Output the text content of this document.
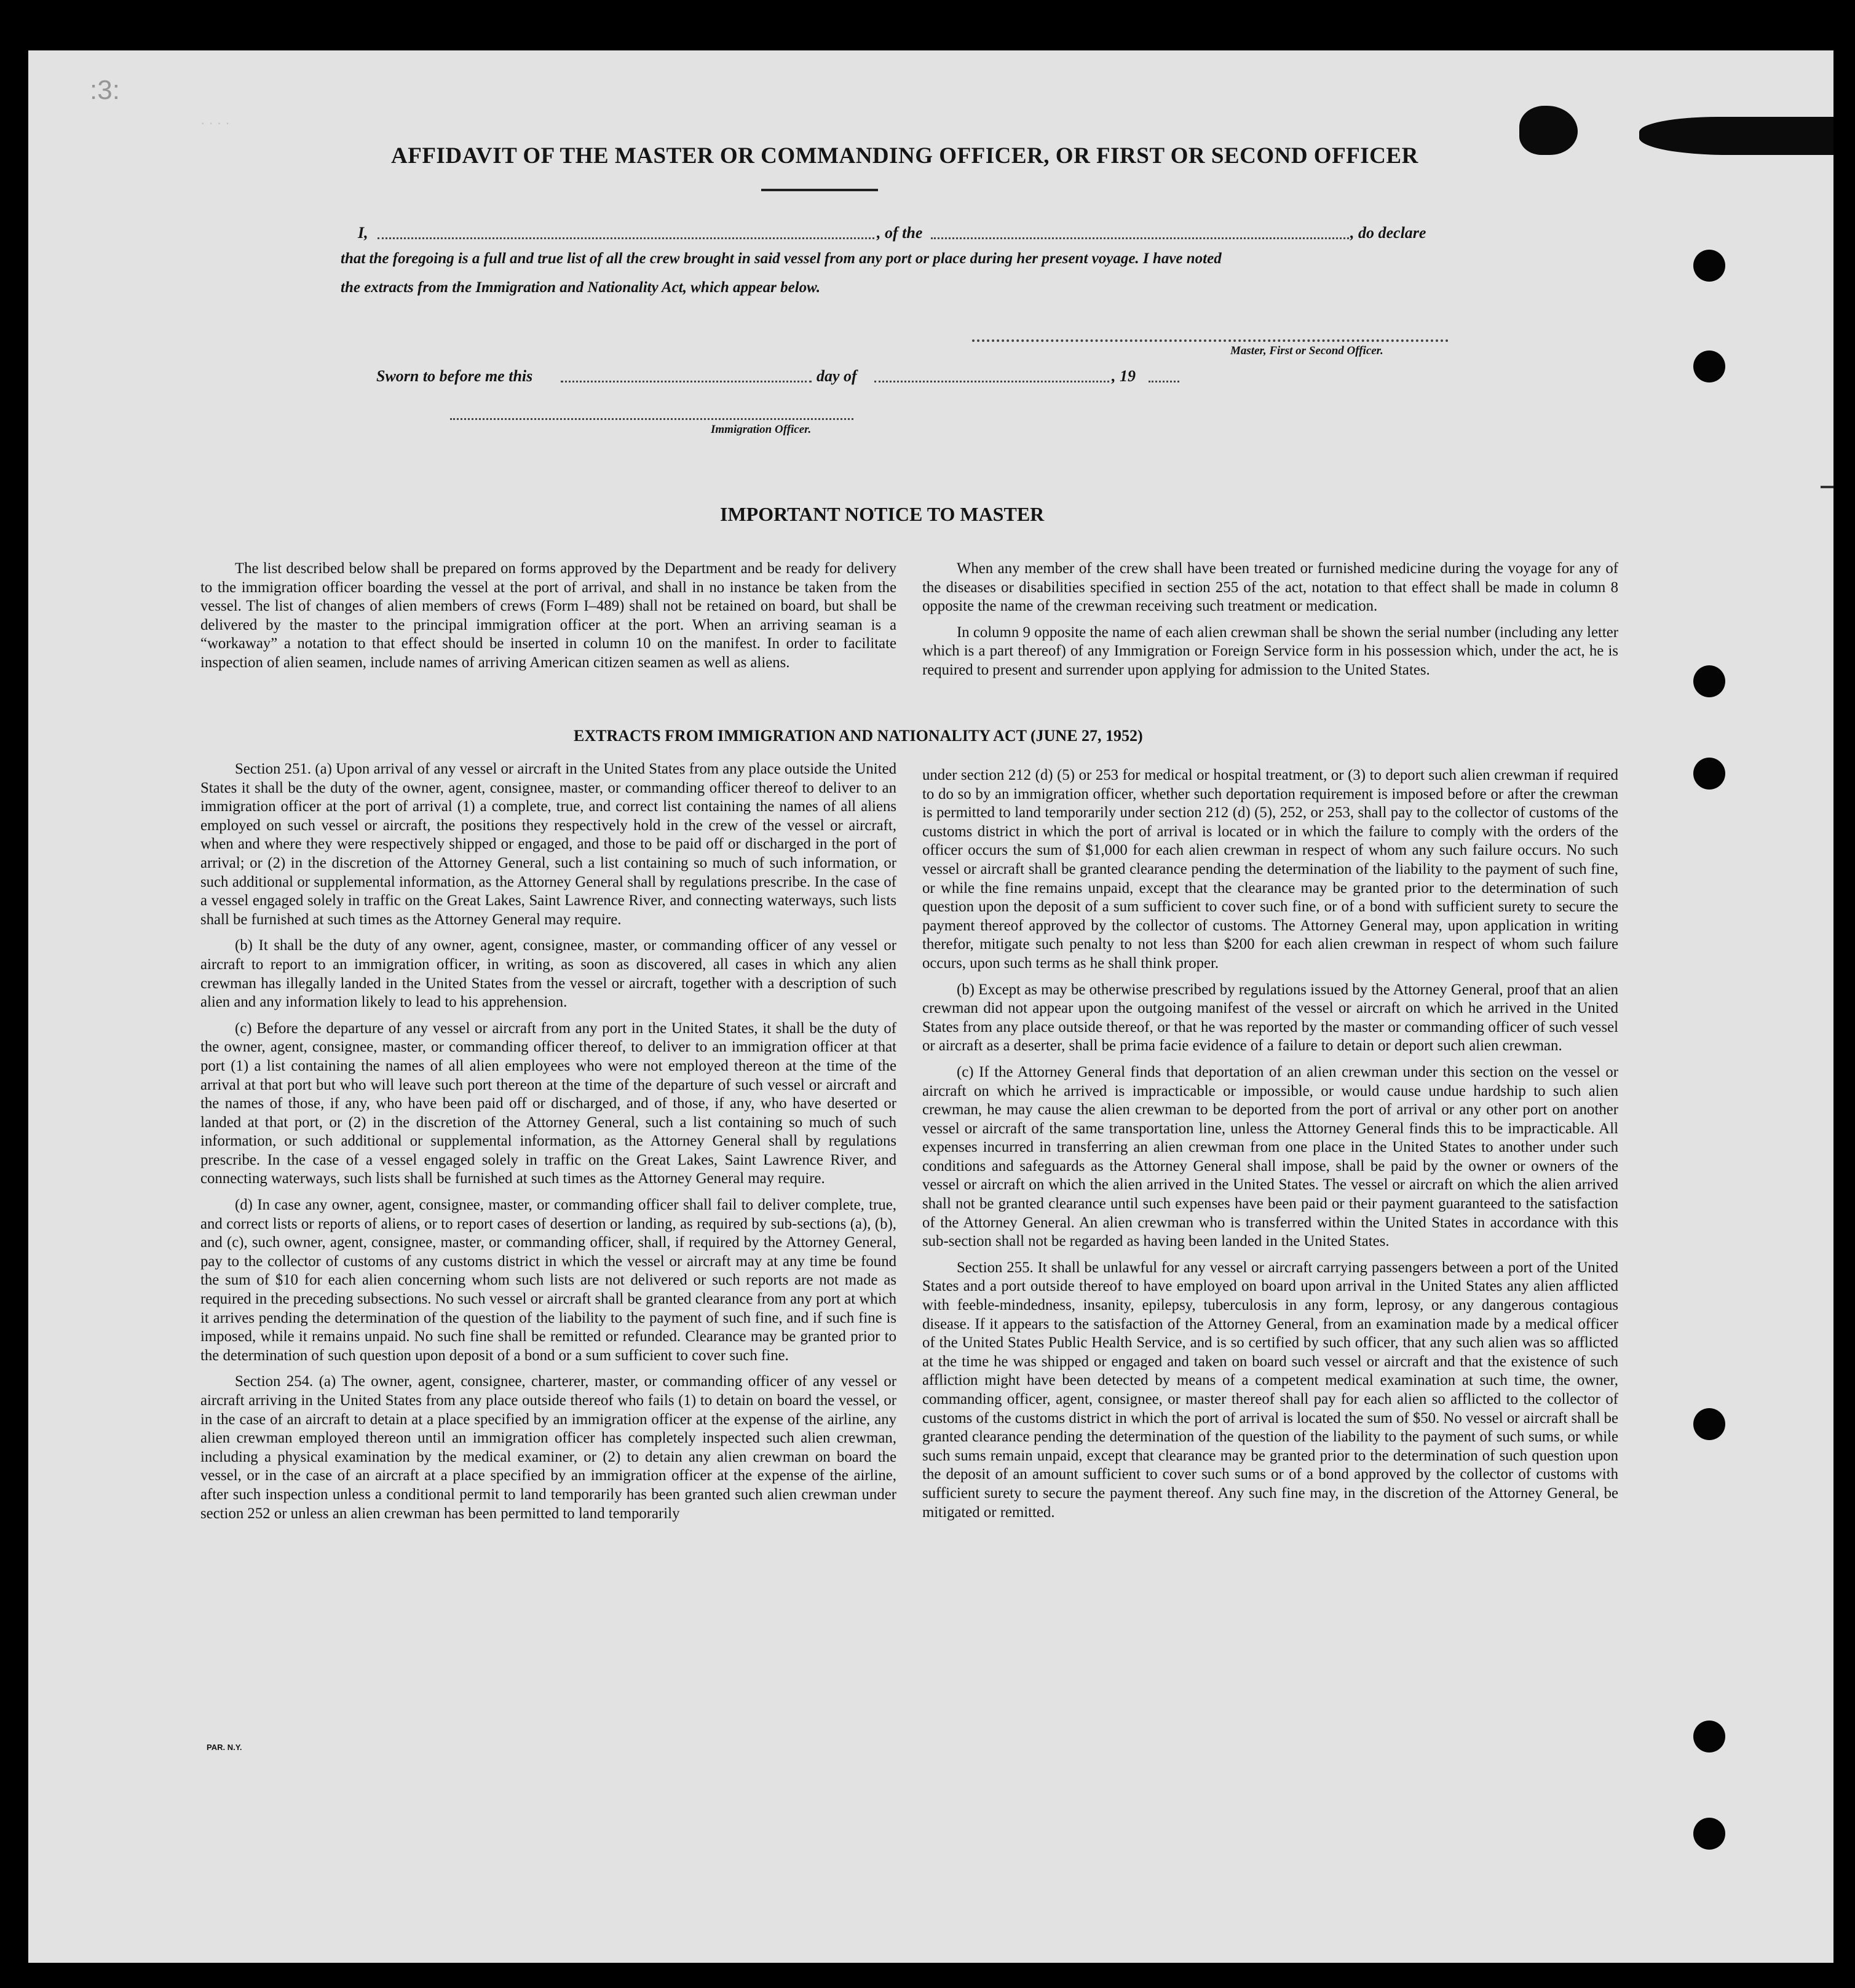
:3:
· · · ·
AFFIDAVIT OF THE MASTER OR COMMANDING OFFICER, OR FIRST OR SECOND OFFICER
I,	, of the	, do declare
that the foregoing is a full and true list of all the crew brought in said vessel from any port or place during her present voyage. I have noted
the extracts from the Immigration and Nationality Act, which appear below.
Master, First or Second Officer.
Sworn to before me this	day of	, 19
Immigration Officer.
IMPORTANT NOTICE TO MASTER

The list described below shall be prepared on forms approved by the Department and be ready for delivery to the immigration officer boarding the vessel at the port of arrival, and shall in no instance be taken from the vessel. The list of changes of alien members of crews (Form I–489) shall not be retained on board, but shall be delivered by the master to the principal immigration officer at the port. When an arriving seaman is a “workaway” a notation to that effect should be inserted in column 10 on the manifest. In order to facilitate inspection of alien seamen, include names of arriving American citizen seamen as well as aliens.

When any member of the crew shall have been treated or furnished medicine during the voyage for any of the diseases or disabilities specified in section 255 of the act, notation to that effect shall be made in column 8 opposite the name of the crewman receiving such treatment or medication.

In column 9 opposite the name of each alien crewman shall be shown the serial number (including any letter which is a part thereof) of any Immigration or Foreign Service form in his possession which, under the act, he is required to present and surrender upon applying for admission to the United States.

EXTRACTS FROM IMMIGRATION AND NATIONALITY ACT (JUNE 27, 1952)

Section 251. (a) Upon arrival of any vessel or aircraft in the United States from any place outside the United States it shall be the duty of the owner, agent, consignee, master, or commanding officer thereof to deliver to an immigration officer at the port of arrival (1) a complete, true, and correct list containing the names of all aliens employed on such vessel or aircraft, the positions they respectively hold in the crew of the vessel or aircraft, when and where they were respectively shipped or engaged, and those to be paid off or discharged in the port of arrival; or (2) in the discretion of the Attorney General, such a list containing so much of such information, or such additional or supplemental information, as the Attorney General shall by regulations prescribe. In the case of a vessel engaged solely in traffic on the Great Lakes, Saint Lawrence River, and connecting waterways, such lists shall be furnished at such times as the Attorney General may require.

(b) It shall be the duty of any owner, agent, consignee, master, or commanding officer of any vessel or aircraft to report to an immigration officer, in writing, as soon as discovered, all cases in which any alien crewman has illegally landed in the United States from the vessel or aircraft, together with a description of such alien and any information likely to lead to his apprehension.

(c) Before the departure of any vessel or aircraft from any port in the United States, it shall be the duty of the owner, agent, consignee, master, or commanding officer thereof, to deliver to an immigration officer at that port (1) a list containing the names of all alien employees who were not employed thereon at the time of the arrival at that port but who will leave such port thereon at the time of the departure of such vessel or aircraft and the names of those, if any, who have been paid off or discharged, and of those, if any, who have deserted or landed at that port, or (2) in the discretion of the Attorney General, such a list containing so much of such information, or such additional or supplemental information, as the Attorney General shall by regulations prescribe. In the case of a vessel engaged solely in traffic on the Great Lakes, Saint Lawrence River, and connecting waterways, such lists shall be furnished at such times as the Attorney General may require.

(d) In case any owner, agent, consignee, master, or commanding officer shall fail to deliver complete, true, and correct lists or reports of aliens, or to report cases of desertion or landing, as required by sub-sections (a), (b), and (c), such owner, agent, consignee, master, or commanding officer, shall, if required by the Attorney General, pay to the collector of customs of any customs district in which the vessel or aircraft may at any time be found the sum of $10 for each alien concerning whom such lists are not delivered or such reports are not made as required in the preceding subsections. No such vessel or aircraft shall be granted clearance from any port at which it arrives pending the determination of the question of the liability to the payment of such fine, and if such fine is imposed, while it remains unpaid. No such fine shall be remitted or refunded. Clearance may be granted prior to the determination of such question upon deposit of a bond or a sum sufficient to cover such fine.

Section 254. (a) The owner, agent, consignee, charterer, master, or commanding officer of any vessel or aircraft arriving in the United States from any place outside thereof who fails (1) to detain on board the vessel, or in the case of an aircraft to detain at a place specified by an immigration officer at the expense of the airline, any alien crewman employed thereon until an immigration officer has completely inspected such alien crewman, including a physical examination by the medical examiner, or (2) to detain any alien crewman on board the vessel, or in the case of an aircraft at a place specified by an immigration officer at the expense of the airline, after such inspection unless a conditional permit to land temporarily has been granted such alien crewman under section 252 or unless an alien crewman has been permitted to land temporarily

under section 212 (d) (5) or 253 for medical or hospital treatment, or (3) to deport such alien crewman if required to do so by an immigration officer, whether such deportation requirement is imposed before or after the crewman is permitted to land temporarily under section 212 (d) (5), 252, or 253, shall pay to the collector of customs of the customs district in which the port of arrival is located or in which the failure to comply with the orders of the officer occurs the sum of $1,000 for each alien crewman in respect of whom any such failure occurs. No such vessel or aircraft shall be granted clearance pending the determination of the liability to the payment of such fine, or while the fine remains unpaid, except that the clearance may be granted prior to the determination of such question upon the deposit of a sum sufficient to cover such fine, or of a bond with sufficient surety to secure the payment thereof approved by the collector of customs. The Attorney General may, upon application in writing therefor, mitigate such penalty to not less than $200 for each alien crewman in respect of whom such failure occurs, upon such terms as he shall think proper.

(b) Except as may be otherwise prescribed by regulations issued by the Attorney General, proof that an alien crewman did not appear upon the outgoing manifest of the vessel or aircraft on which he arrived in the United States from any place outside thereof, or that he was reported by the master or commanding officer of such vessel or aircraft as a deserter, shall be prima facie evidence of a failure to detain or deport such alien crewman.

(c) If the Attorney General finds that deportation of an alien crewman under this section on the vessel or aircraft on which he arrived is impracticable or impossible, or would cause undue hardship to such alien crewman, he may cause the alien crewman to be deported from the port of arrival or any other port on another vessel or aircraft of the same transportation line, unless the Attorney General finds this to be impracticable. All expenses incurred in transferring an alien crewman from one place in the United States to another under such conditions and safeguards as the Attorney General shall impose, shall be paid by the owner or owners of the vessel or aircraft on which the alien arrived in the United States. The vessel or aircraft on which the alien arrived shall not be granted clearance until such expenses have been paid or their payment guaranteed to the satisfaction of the Attorney General. An alien crewman who is transferred within the United States in accordance with this sub-section shall not be regarded as having been landed in the United States.

Section 255. It shall be unlawful for any vessel or aircraft carrying passengers between a port of the United States and a port outside thereof to have employed on board upon arrival in the United States any alien afflicted with feeble-mindedness, insanity, epilepsy, tuberculosis in any form, leprosy, or any dangerous contagious disease. If it appears to the satisfaction of the Attorney General, from an examination made by a medical officer of the United States Public Health Service, and is so certified by such officer, that any such alien was so afflicted at the time he was shipped or engaged and taken on board such vessel or aircraft and that the existence of such affliction might have been detected by means of a competent medical examination at such time, the owner, commanding officer, agent, consignee, or master thereof shall pay for each alien so afflicted to the collector of customs of the customs district in which the port of arrival is located the sum of $50. No vessel or aircraft shall be granted clearance pending the determination of the question of the liability to the payment of such sums, or while such sums remain unpaid, except that clearance may be granted prior to the determination of such question upon the deposit of an amount sufficient to cover such sums or of a bond approved by the collector of customs with sufficient surety to secure the payment thereof. Any such fine may, in the discretion of the Attorney General, be mitigated or remitted.

PAR. N.Y.
